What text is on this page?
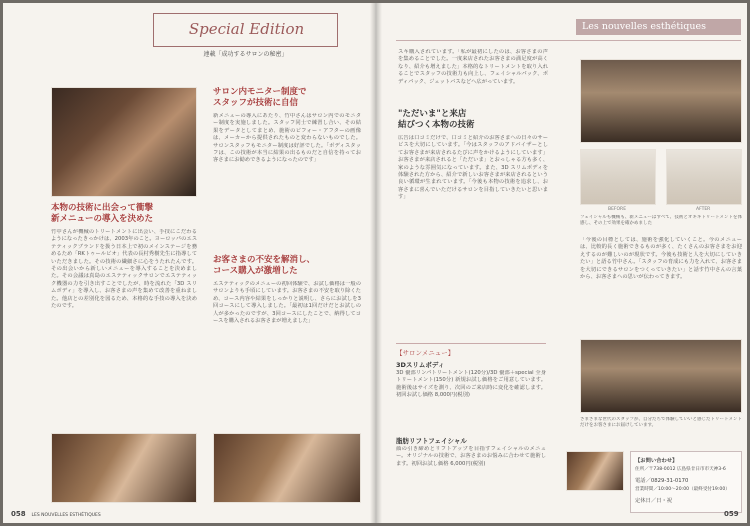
Special Edition
連載「成功するサロンの秘密」
本物の技術に出会って衝撃
新メニューの導入を決めた
竹中さんが機械のトリートメントに出会い、手技にこだわるようになったきっかけは、2003年のこと。ヨーロッパのエステティックブランドを扱う日本上で初のメインステージを務めるため「RKトゥールビオ」代表の長村秀樹先生に指導していただきました。その技術の繊細さに心をうたれたんです。その出会いから新しいメニューを導入することを決めました。その会議は真島のエステティックサロンでエステティック機器の力を引き出すことでしたが、時を流れた「3D スリムボディ」を導入し、お客さまの声を集めて改善を重ねました。他店との差別化を図るため、本格的な手技の導入を決めたのです。
サロン内モニター制度で
スタッフが技術に自信
新メニューの導入にあたり、竹中さんはサロン内でのモニター制度を実施しました。スタッフ同士で練習し合い、その結果をデータとしてまとめ、施術のビフォー・アフターの画像は、メーカーから提供されたものと変わらないものでした。サロンスタッフもモニター制度は好評でした。「ボディスタッフは、この技術が本当に結果の出るものだと自信を持ってお客さまにお勧めできるようになったのです」
お客さまの不安を解消し、
コース購入が激増した
エステティックのメニューの初回体験で、お試し価格は一般のサロンよりも手頃にしています。お客さまの不安を取り除くため、コース内容や結果をしっかりと説明し、さらにお試しを3回コースにして導入しました。「最初は1回だけだとお試しの人が多かったのですが、3回コースにしたことで、納得してコースを購入されるお客さまが増えました」
058 LES NOUVELLES ESTHÉTIQUES
Les nouvelles esthétiques
スキ購入されています。「私が最初にしたのは、お客さまの声を集めることでした。一度来店されたお客さまの満足度が高くなり、紹介も増えました」本格的なトリートメントを取り入れることでスタッフの技術力も向上し、フェイシャルパック、ボディパック、ジェットバスなどへ広がっています。
"ただいま"と来店
結びつく本物の技術
広告は口コミだけで、口コミと紹介のお客さまへの日々のサービスを大切にしています。「今はスタッフのアドバイザーとしてお客さまが来店されるたびに声をかけるようにしています」お客さまが来店されると「ただいま」とおっしゃる方も多く、家のような雰囲気になっています。また、3D スリムボディを体験された方から、紹介で新しいお客さまが来店されるという良い循環が生まれています。「今後も本物の技術を追求し、お客さまに喜んでいただけるサロンを目指していきたいと思います」
【サロンメニュー】
3Dスリムボディ
3D 優部リンパトリートメント(120分)/3D 優部＋special 全身トリートメント(150分) 新規お試し価格をご用意しています。施術後はサイズを測り、次回のご来店時に変化を確認します。初回お試し価格 8,000円(税別)
脂肪リフトフェイシャル
顔の引き締めとリフトアップを目指すフェイシャルのメニュー。オリジナルの技術で、お客さまのお悩みに合わせて施術します。初回お試し価格 6,000円(税別)
BEFORE	AFTER
フェイシャルも機械も、新メニューはすべて、技術とオキキトリートメントを体感し、その上で効果を確かめました
「今後の目標としては、施術を強化していくこと。今のメニューは、比較的長く施術できるものが多く、たくさんのお客さまをお迎えするのが難しいのが現状です。今後も技術と人を大切にしていきたい」と語る竹中さん。「スタッフの育成にも力を入れて、お客さまを大切にできるサロンをつくっていきたい」と話す竹中さんの言葉から、お客さまへの思いが伝わってきます。
さまざまな世代のスタッフが、自分たちで体験していいと感じたトリートメントだけをお客さまにお届けしています。
【お問い合わせ】
住所／〒738-0012 広島県廿日市市天神3-6
電話／0829-31-0170
営業時間／10:00〜20:00（最終受付19:00）
定休日／日・祝
059
